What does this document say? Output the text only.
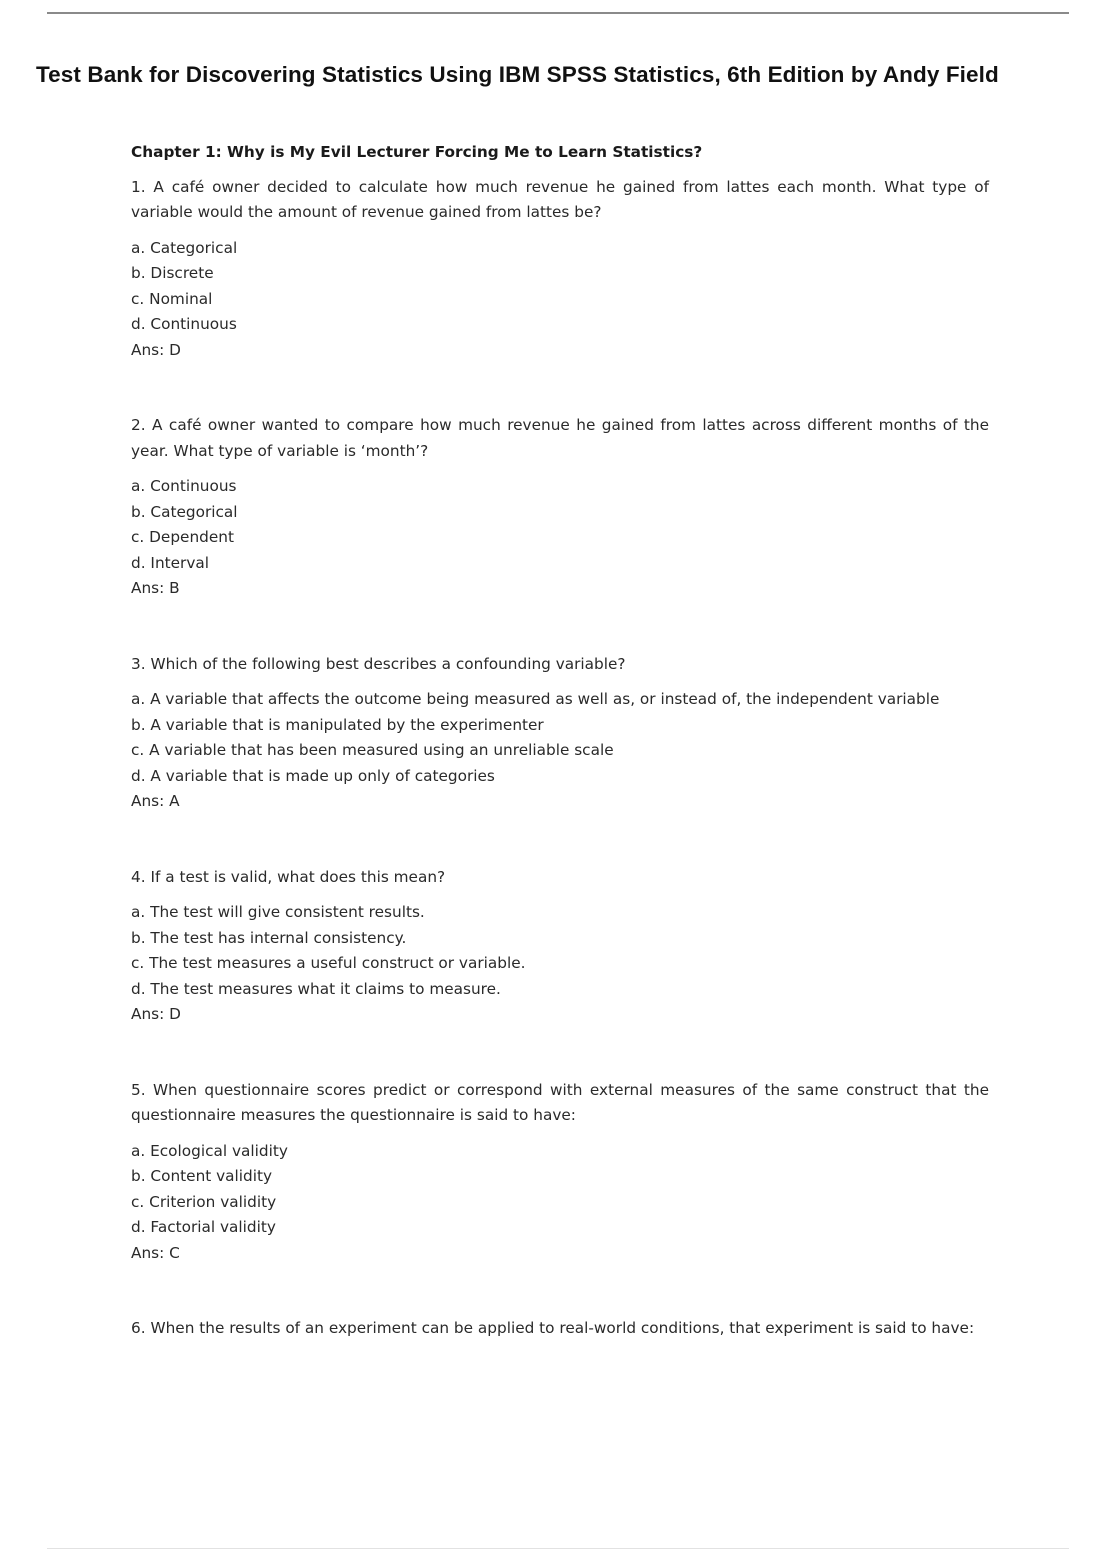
Test Bank for Discovering Statistics Using IBM SPSS Statistics, 6th Edition by Andy Field

Chapter 1: Why is My Evil Lecturer Forcing Me to Learn Statistics?

1. A café owner decided to calculate how much revenue he gained from lattes each month. What type of variable would the amount of revenue gained from lattes be?

a. Categorical
b. Discrete
c. Nominal
d. Continuous

Ans: D

2. A café owner wanted to compare how much revenue he gained from lattes across different months of the year. What type of variable is ‘month’?

a. Continuous
b. Categorical
c. Dependent
d. Interval

Ans: B

3. Which of the following best describes a confounding variable?

a. A variable that affects the outcome being measured as well as, or instead of, the independent variable
b. A variable that is manipulated by the experimenter
c. A variable that has been measured using an unreliable scale
d. A variable that is made up only of categories

Ans: A

4. If a test is valid, what does this mean?

a. The test will give consistent results.
b. The test has internal consistency.
c. The test measures a useful construct or variable.
d. The test measures what it claims to measure.

Ans: D

5. When questionnaire scores predict or correspond with external measures of the same construct that the questionnaire measures the questionnaire is said to have:

a. Ecological validity
b. Content validity
c. Criterion validity
d. Factorial validity

Ans: C

6. When the results of an experiment can be applied to real-world conditions, that experiment is said to have:
